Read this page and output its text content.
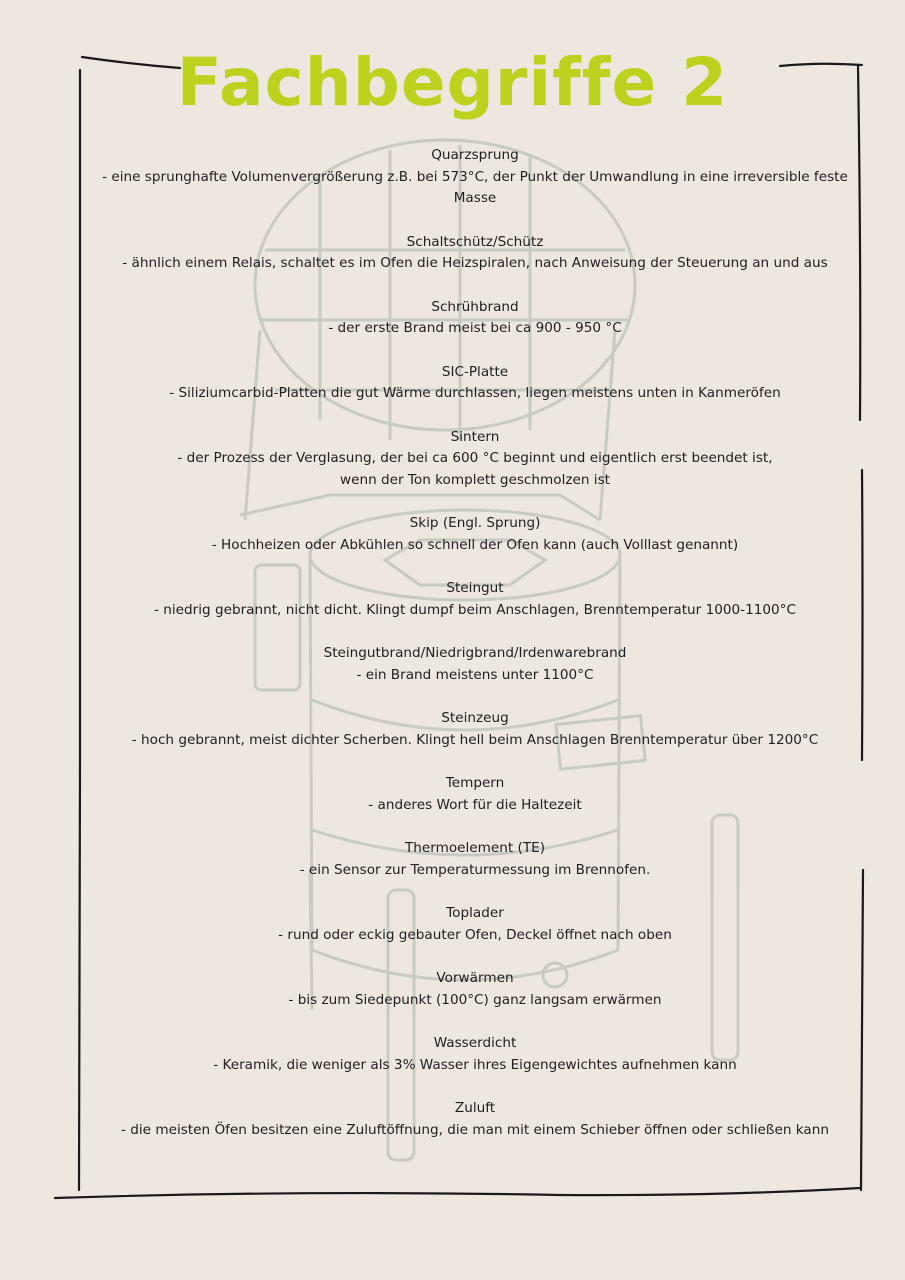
Fachbegriffe 2

Quarzsprung

- eine sprunghafte Volumenvergrößerung z.B. bei 573°C, der Punkt der Umwandlung in eine irreversible feste Masse

Schaltschütz/Schütz

- ähnlich einem Relais, schaltet es im Ofen die Heizspiralen, nach Anweisung der Steuerung an und aus

Schrühbrand

- der erste Brand meist bei ca 900 - 950 °C

SIC-Platte

- Siliziumcarbid-Platten die gut Wärme durchlassen, liegen meistens unten in Kanmeröfen

Sintern

- der Prozess der Verglasung, der bei ca 600 °C beginnt und eigentlich erst beendet ist,

wenn der Ton komplett geschmolzen ist

Skip (Engl. Sprung)

- Hochheizen oder Abkühlen so schnell der Ofen kann (auch Volllast genannt)

Steingut

- niedrig gebrannt, nicht dicht. Klingt dumpf beim Anschlagen, Brenntemperatur 1000-1100°C

Steingutbrand/Niedrigbrand/Irdenwarebrand

- ein Brand meistens unter 1100°C

Steinzeug

- hoch gebrannt, meist dichter Scherben. Klingt hell beim Anschlagen Brenntemperatur über 1200°C

Tempern

- anderes Wort für die Haltezeit

Thermoelement (TE)

- ein Sensor zur Temperaturmessung im Brennofen.

Toplader

- rund oder eckig gebauter Ofen, Deckel öffnet nach oben

Vorwärmen

- bis zum Siedepunkt (100°C) ganz langsam erwärmen

Wasserdicht

- Keramik, die weniger als 3% Wasser ihres Eigengewichtes aufnehmen kann

Zuluft

- die meisten Öfen besitzen eine Zuluftöffnung, die man mit einem Schieber öffnen oder schließen kann
